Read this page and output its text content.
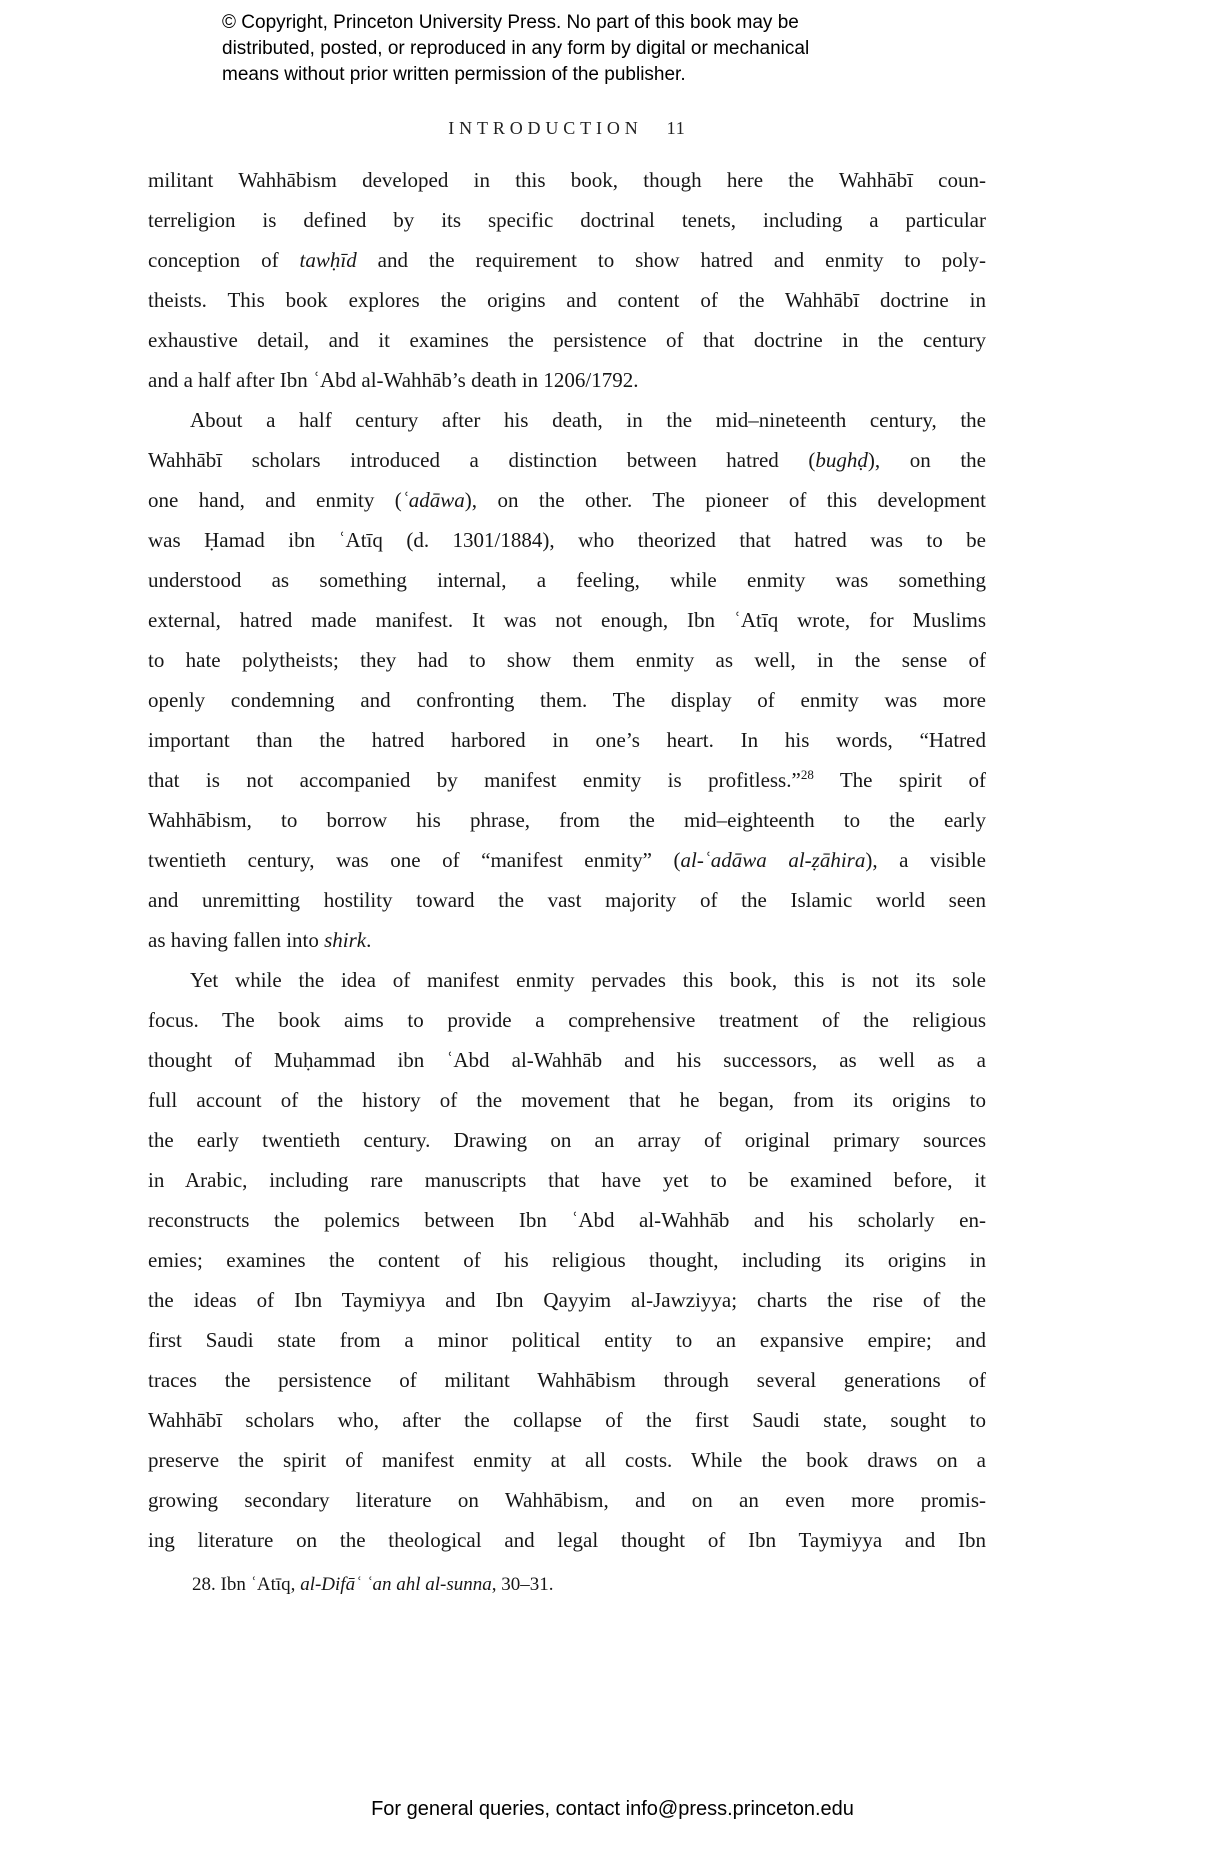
© Copyright, Princeton University Press. No part of this book may be
distributed, posted, or reproduced in any form by digital or mechanical
means without prior written permission of the publisher.
INTRODUCTION 11
militant Wahhābism developed in this book, though here the Wahhābī coun-
terreligion is defined by its specific doctrinal tenets, including a particular
conception of tawḥīd and the requirement to show hatred and enmity to poly-
theists. This book explores the origins and content of the Wahhābī doctrine in
exhaustive detail, and it examines the persistence of that doctrine in the century
and a half after Ibn ʿAbd al-Wahhāb’s death in 1206/1792.
About a half century after his death, in the mid–nineteenth century, the
Wahhābī scholars introduced a distinction between hatred (bughḍ), on the
one hand, and enmity (ʿadāwa), on the other. The pioneer of this development
was Ḥamad ibn ʿAtīq (d. 1301/1884), who theorized that hatred was to be
understood as something internal, a feeling, while enmity was something
external, hatred made manifest. It was not enough, Ibn ʿAtīq wrote, for Muslims
to hate polytheists; they had to show them enmity as well, in the sense of
openly condemning and confronting them. The display of enmity was more
important than the hatred harbored in one’s heart. In his words, “Hatred
that is not accompanied by manifest enmity is profitless.”$^{28}$ The spirit of
Wahhābism, to borrow his phrase, from the mid–eighteenth to the early
twentieth century, was one of “manifest enmity” (al-ʿadāwa al-ẓāhira), a visible
and unremitting hostility toward the vast majority of the Islamic world seen
as having fallen into shirk.
Yet while the idea of manifest enmity pervades this book, this is not its sole
focus. The book aims to provide a comprehensive treatment of the religious
thought of Muḥammad ibn ʿAbd al-Wahhāb and his successors, as well as a
full account of the history of the movement that he began, from its origins to
the early twentieth century. Drawing on an array of original primary sources
in Arabic, including rare manuscripts that have yet to be examined before, it
reconstructs the polemics between Ibn ʿAbd al-Wahhāb and his scholarly en-
emies; examines the content of his religious thought, including its origins in
the ideas of Ibn Taymiyya and Ibn Qayyim al-Jawziyya; charts the rise of the
first Saudi state from a minor political entity to an expansive empire; and
traces the persistence of militant Wahhābism through several generations of
Wahhābī scholars who, after the collapse of the first Saudi state, sought to
preserve the spirit of manifest enmity at all costs. While the book draws on a
growing secondary literature on Wahhābism, and on an even more promis-
ing literature on the theological and legal thought of Ibn Taymiyya and Ibn
28. Ibn ʿAtīq, al-Difāʿ ʿan ahl al-sunna, 30–31.
For general queries, contact info@press.princeton.edu
